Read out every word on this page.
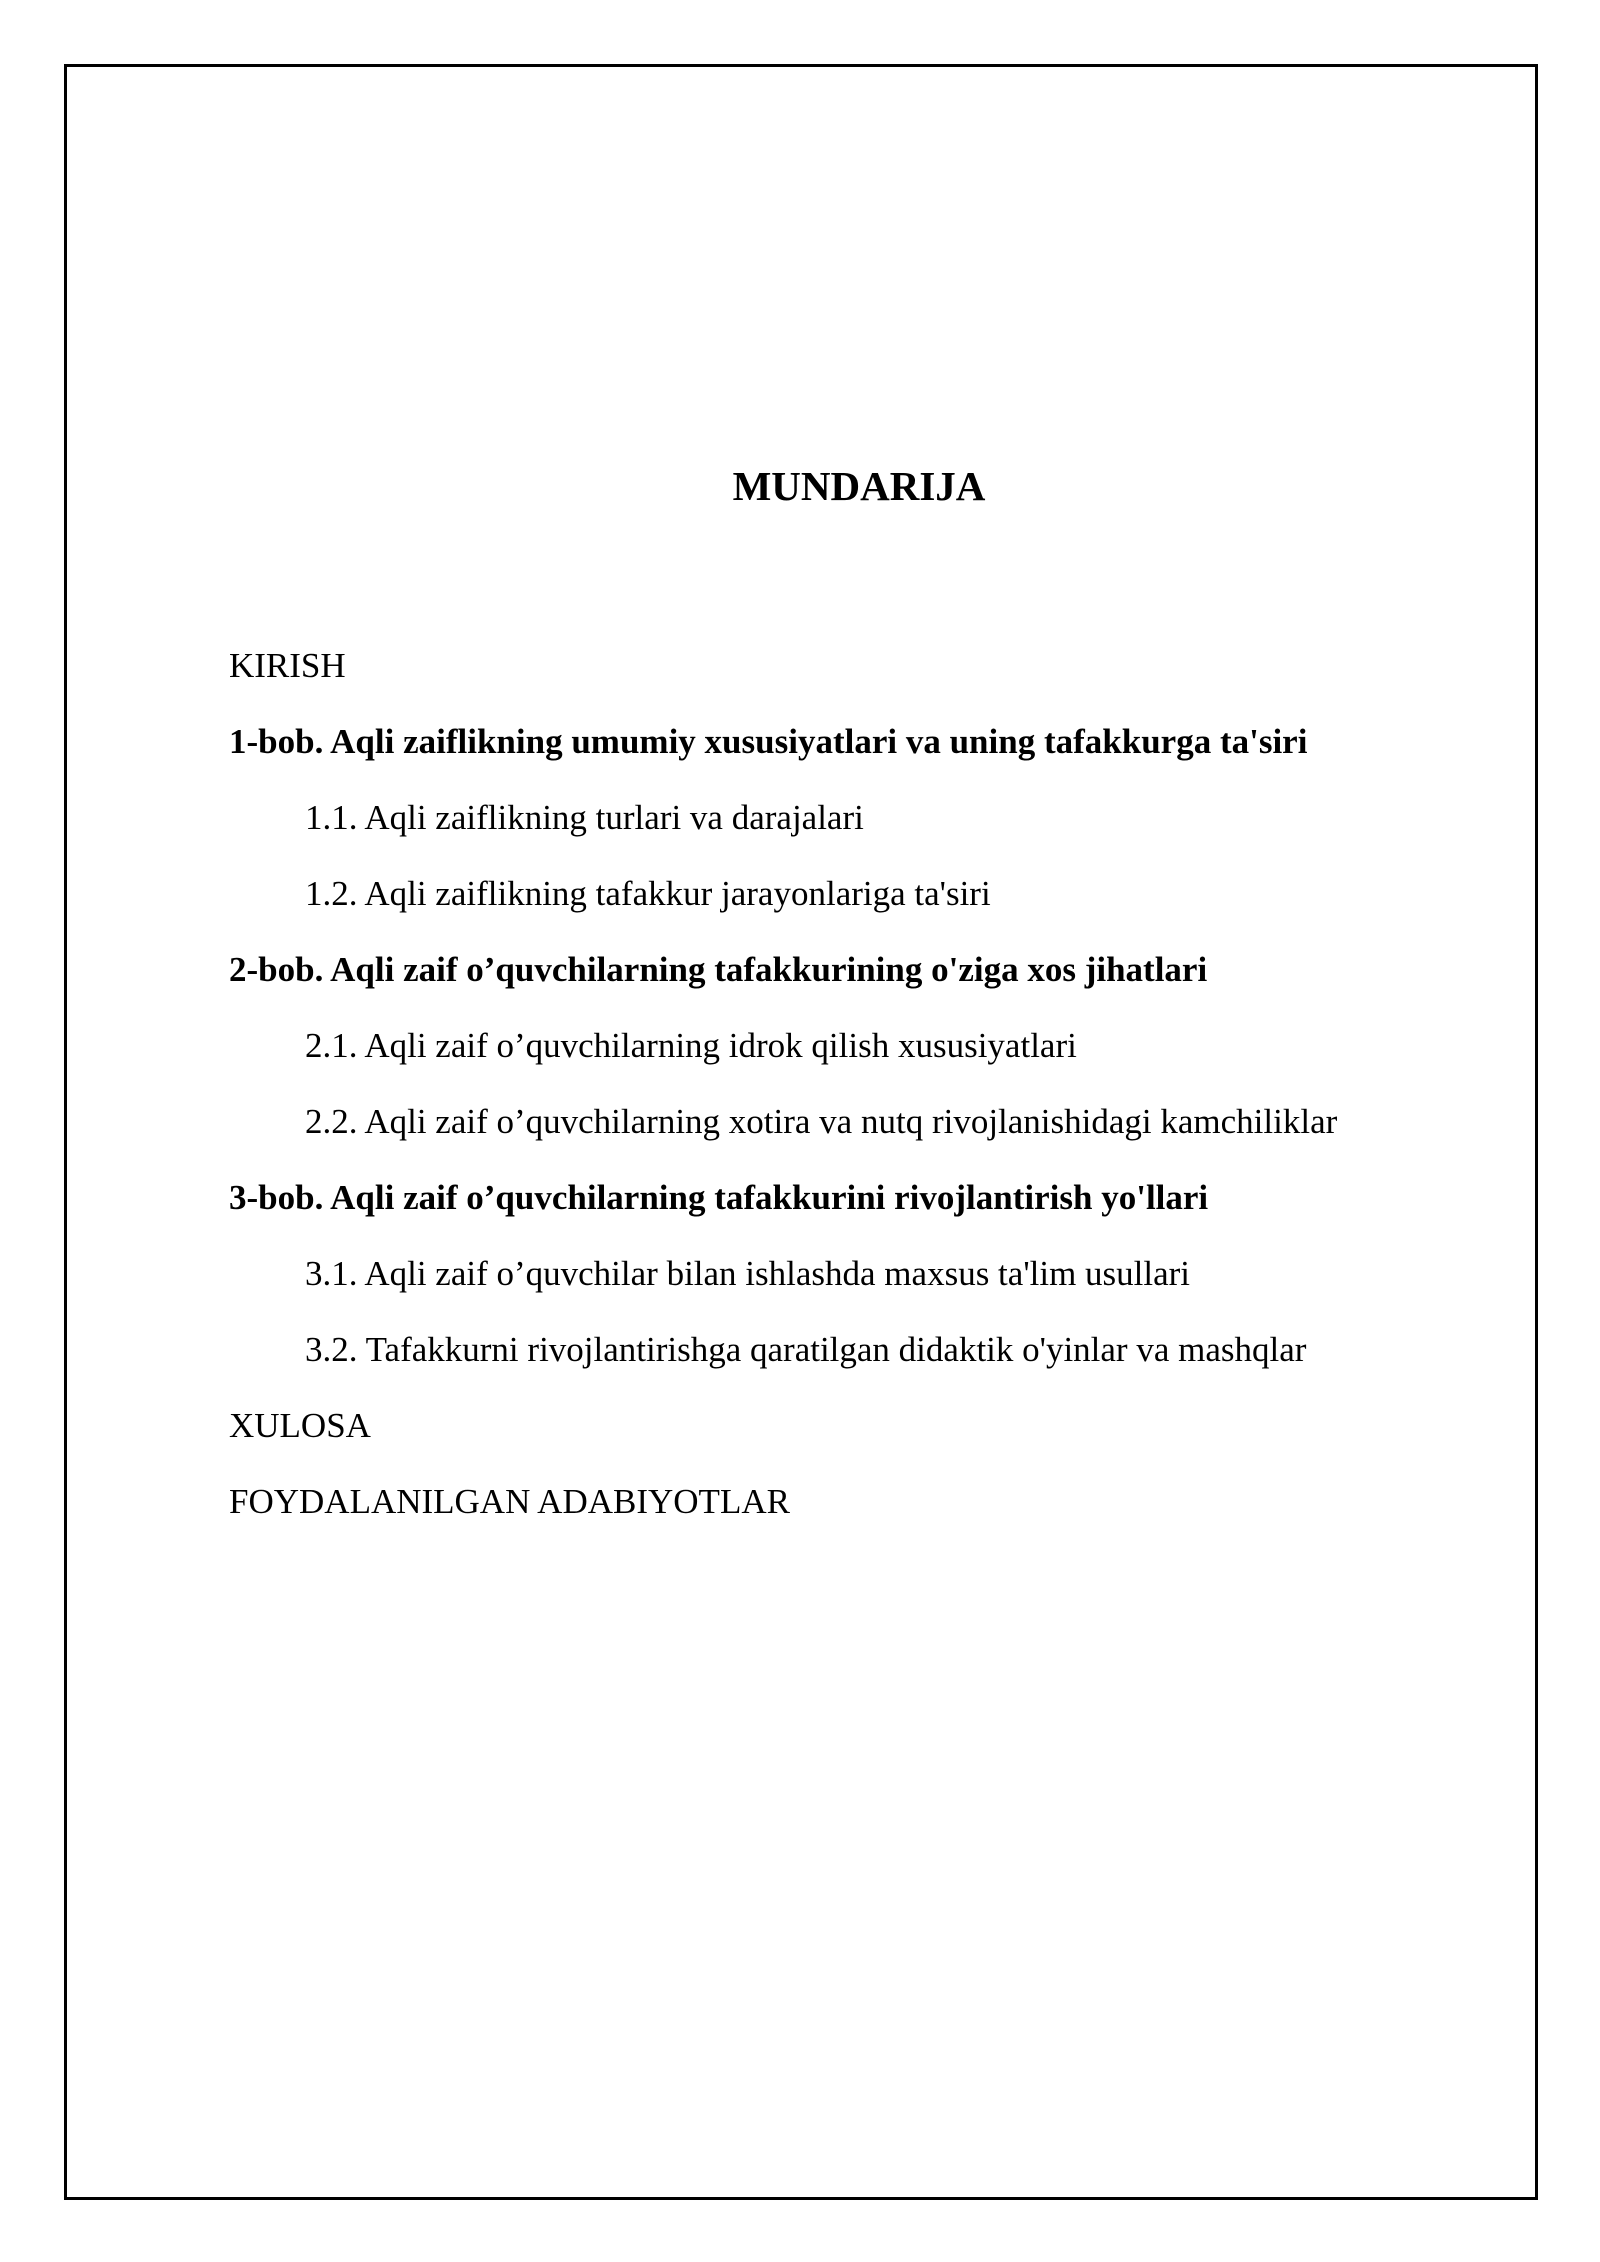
MUNDARIJA
KIRISH
1-bob. Aqli zaiflikning umumiy xususiyatlari va uning tafakkurga ta'siri
1.1. Aqli zaiflikning turlari va darajalari
1.2. Aqli zaiflikning tafakkur jarayonlariga ta'siri
2-bob. Aqli zaif o’quvchilarning tafakkurining o'ziga xos jihatlari
2.1. Aqli zaif o’quvchilarning idrok qilish xususiyatlari
2.2. Aqli zaif o’quvchilarning xotira va nutq rivojlanishidagi kamchiliklar
3-bob. Aqli zaif o’quvchilarning tafakkurini rivojlantirish yo'llari
3.1. Aqli zaif o’quvchilar bilan ishlashda maxsus ta'lim usullari
3.2. Tafakkurni rivojlantirishga qaratilgan didaktik o'yinlar va mashqlar
XULOSA
FOYDALANILGAN ADABIYOTLAR
